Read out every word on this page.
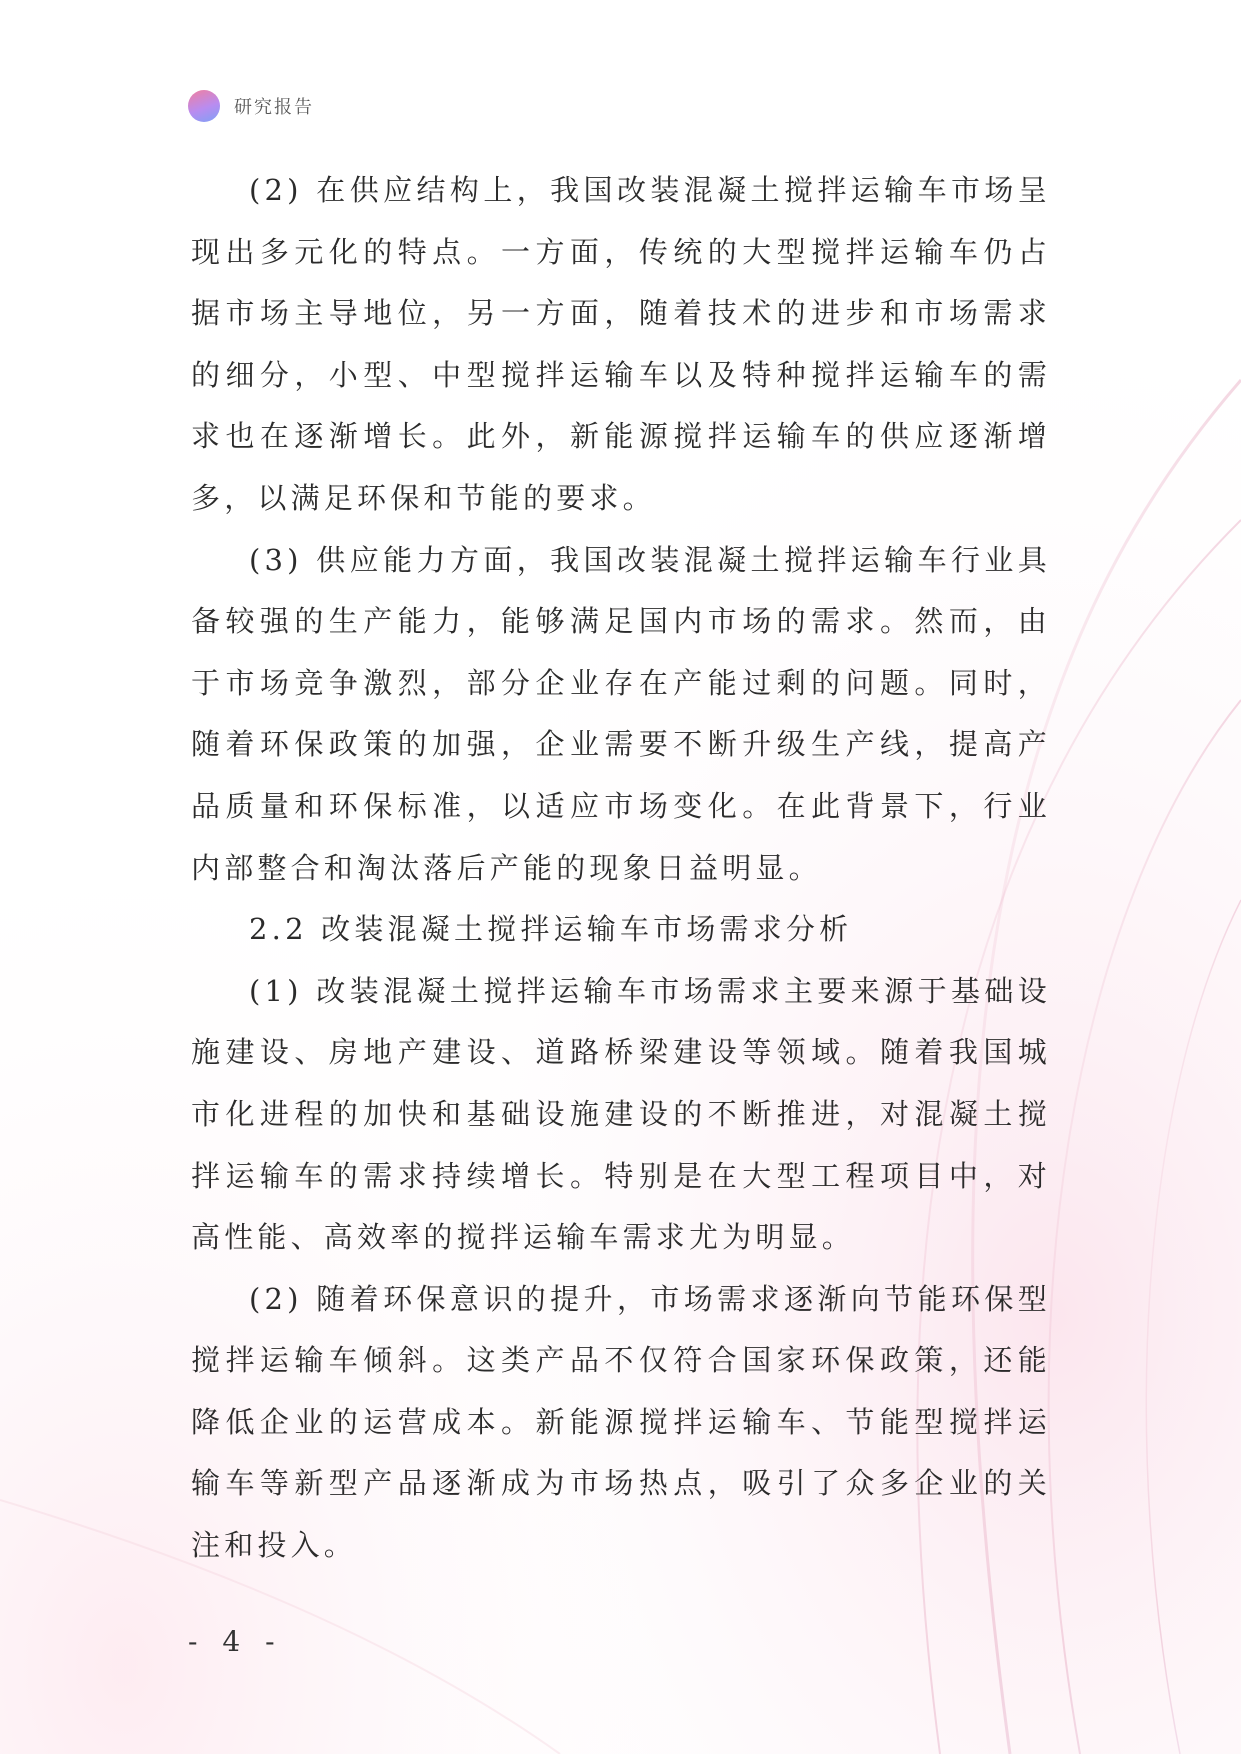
研究报告

(2) 在供应结构上，我国改装混凝土搅拌运输车市场呈现出多元化的特点。一方面，传统的大型搅拌运输车仍占据市场主导地位，另一方面，随着技术的进步和市场需求的细分，小型、中型搅拌运输车以及特种搅拌运输车的需求也在逐渐增长。此外，新能源搅拌运输车的供应逐渐增多，以满足环保和节能的要求。

(3) 供应能力方面，我国改装混凝土搅拌运输车行业具备较强的生产能力，能够满足国内市场的需求。然而，由于市场竞争激烈，部分企业存在产能过剩的问题。同时，随着环保政策的加强，企业需要不断升级生产线，提高产品质量和环保标准，以适应市场变化。在此背景下，行业内部整合和淘汰落后产能的现象日益明显。

2.2 改装混凝土搅拌运输车市场需求分析

(1) 改装混凝土搅拌运输车市场需求主要来源于基础设施建设、房地产建设、道路桥梁建设等领域。随着我国城市化进程的加快和基础设施建设的不断推进，对混凝土搅拌运输车的需求持续增长。特别是在大型工程项目中，对高性能、高效率的搅拌运输车需求尤为明显。

(2) 随着环保意识的提升，市场需求逐渐向节能环保型搅拌运输车倾斜。这类产品不仅符合国家环保政策，还能降低企业的运营成本。新能源搅拌运输车、节能型搅拌运输车等新型产品逐渐成为市场热点，吸引了众多企业的关注和投入。

- 4 -
